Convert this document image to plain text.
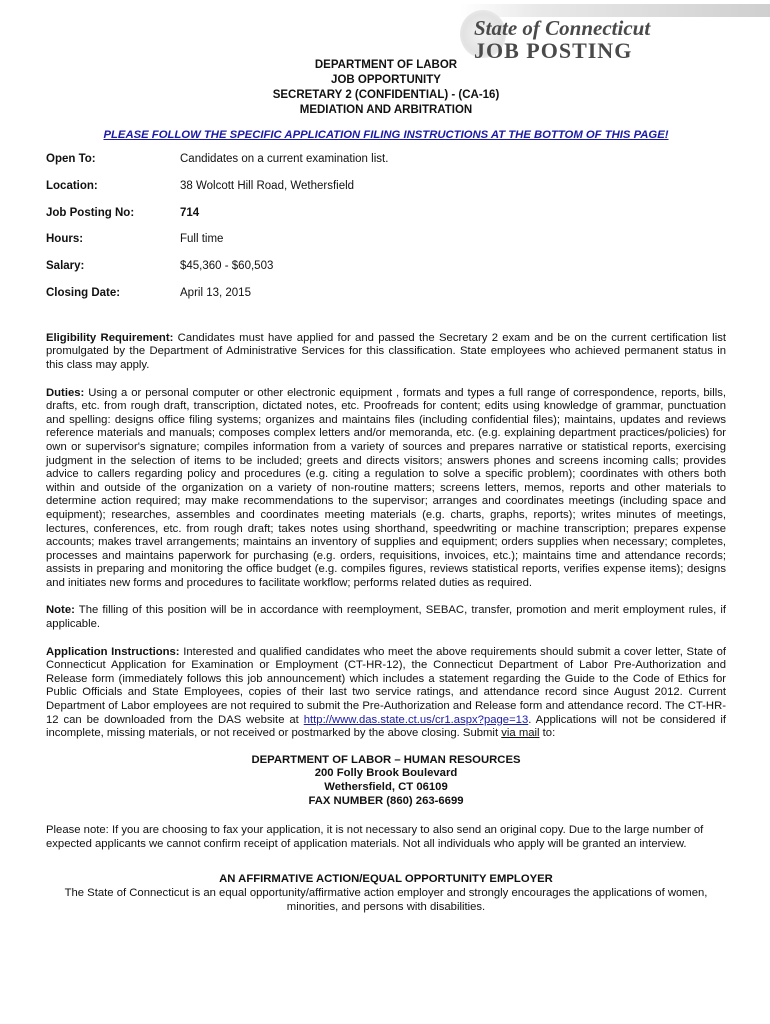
State of Connecticut
JOB POSTING
DEPARTMENT OF LABOR
JOB OPPORTUNITY
SECRETARY 2 (CONFIDENTIAL) - (CA-16)
MEDIATION AND ARBITRATION
PLEASE FOLLOW THE SPECIFIC APPLICATION FILING INSTRUCTIONS AT THE BOTTOM OF THIS PAGE!
Open To:	Candidates on a current examination list.
Location:	38 Wolcott Hill Road, Wethersfield
Job Posting No:	714
Hours:	Full time
Salary:	$45,360 - $60,503
Closing Date:	April 13, 2015

Eligibility Requirement: Candidates must have applied for and passed the Secretary 2 exam and be on the current certification list promulgated by the Department of Administrative Services for this classification. State employees who achieved permanent status in this class may apply.

Duties: Using a or personal computer or other electronic equipment , formats and types a full range of correspondence, reports, bills, drafts, etc. from rough draft, transcription, dictated notes, etc. Proofreads for content; edits using knowledge of grammar, punctuation and spelling: designs office filing systems; organizes and maintains files (including confidential files); maintains, updates and reviews reference materials and manuals; composes complex letters and/or memoranda, etc. (e.g. explaining department practices/policies) for own or supervisor's signature; compiles information from a variety of sources and prepares narrative or statistical reports, exercising judgment in the selection of items to be included; greets and directs visitors; answers phones and screens incoming calls; provides advice to callers regarding policy and procedures (e.g. citing a regulation to solve a specific problem); coordinates with others both within and outside of the organization on a variety of non-routine matters; screens letters, memos, reports and other materials to determine action required; may make recommendations to the supervisor; arranges and coordinates meetings (including space and equipment); researches, assembles and coordinates meeting materials (e.g. charts, graphs, reports); writes minutes of meetings, lectures, conferences, etc. from rough draft; takes notes using shorthand, speedwriting or machine transcription; prepares expense accounts; makes travel arrangements; maintains an inventory of supplies and equipment; orders supplies when necessary; completes, processes and maintains paperwork for purchasing (e.g. orders, requisitions, invoices, etc.); maintains time and attendance records; assists in preparing and monitoring the office budget (e.g. compiles figures, reviews statistical reports, verifies expense items); designs and initiates new forms and procedures to facilitate workflow; performs related duties as required.

Note: The filling of this position will be in accordance with reemployment, SEBAC, transfer, promotion and merit employment rules, if applicable.

Application Instructions: Interested and qualified candidates who meet the above requirements should submit a cover letter, State of Connecticut Application for Examination or Employment (CT-HR-12), the Connecticut Department of Labor Pre-Authorization and Release form (immediately follows this job announcement) which includes a statement regarding the Guide to the Code of Ethics for Public Officials and State Employees, copies of their last two service ratings, and attendance record since August 2012. Current Department of Labor employees are not required to submit the Pre-Authorization and Release form and attendance record. The CT-HR-12 can be downloaded from the DAS website at http://www.das.state.ct.us/cr1.aspx?page=13. Applications will not be considered if incomplete, missing materials, or not received or postmarked by the above closing. Submit via mail to:

DEPARTMENT OF LABOR – HUMAN RESOURCES
200 Folly Brook Boulevard
Wethersfield, CT 06109
FAX NUMBER (860) 263-6699

Please note: If you are choosing to fax your application, it is not necessary to also send an original copy. Due to the large number of expected applicants we cannot confirm receipt of application materials. Not all individuals who apply will be granted an interview.

AN AFFIRMATIVE ACTION/EQUAL OPPORTUNITY EMPLOYER
The State of Connecticut is an equal opportunity/affirmative action employer and strongly encourages the applications of women, minorities, and persons with disabilities.
